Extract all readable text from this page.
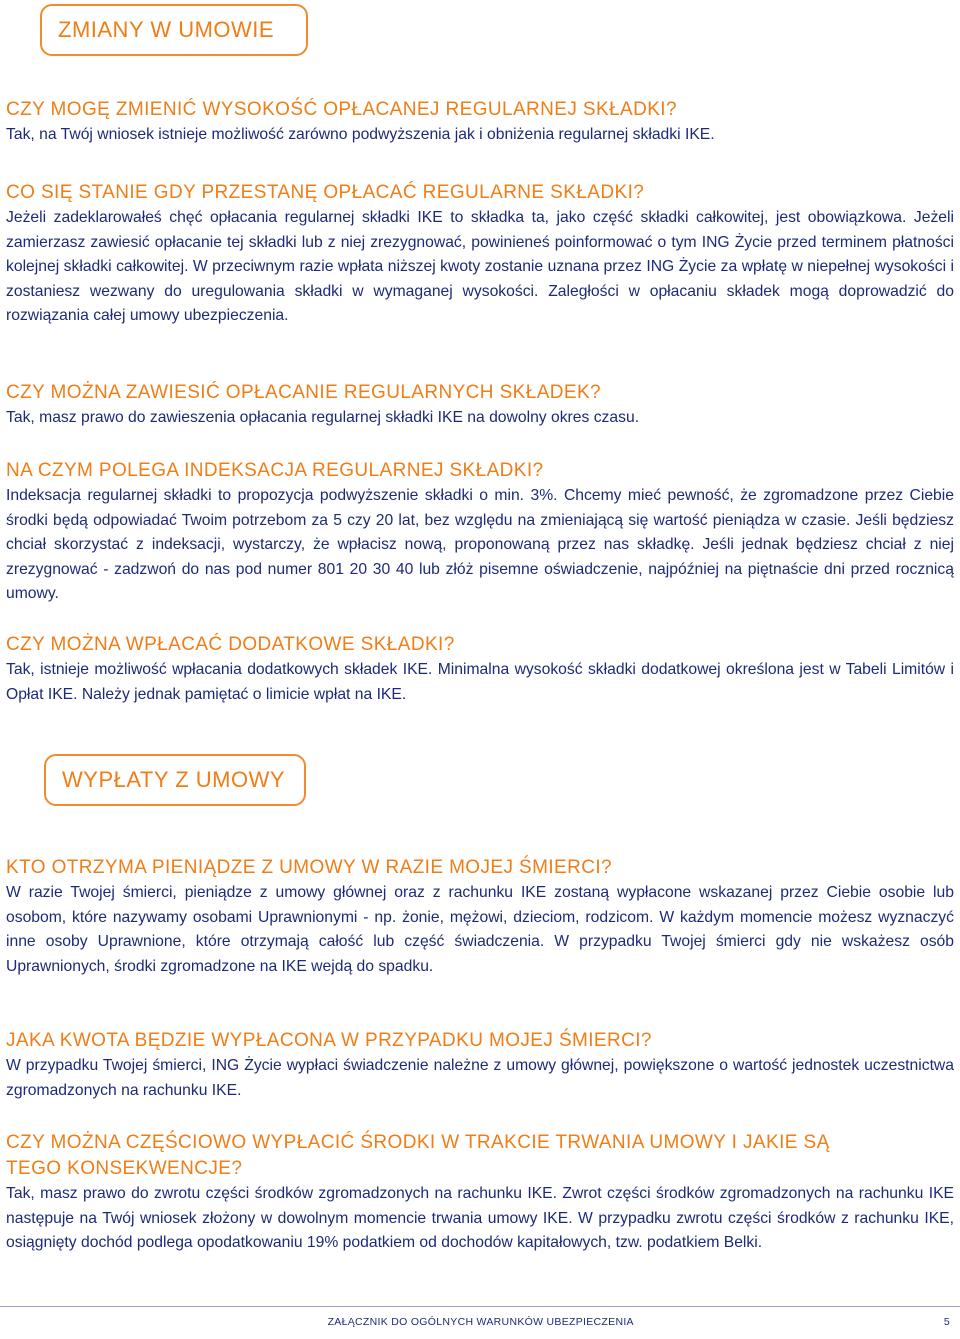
ZMIANY W UMOWIE
CZY MOGĘ ZMIENIĆ WYSOKOŚĆ OPŁACANEJ REGULARNEJ SKŁADKI?

Tak, na Twój wniosek istnieje możliwość zarówno podwyższenia jak i obniżenia regularnej składki IKE.

CO SIĘ STANIE GDY PRZESTANĘ OPŁACAĆ REGULARNE SKŁADKI?

Jeżeli zadeklarowałeś chęć opłacania regularnej składki IKE to składka ta, jako część składki całkowitej, jest obowiązkowa. Jeżeli zamierzasz zawiesić opłacanie tej składki lub z niej zrezygnować, powinieneś poinformować o tym ING Życie przed terminem płatności kolejnej składki całkowitej. W przeciwnym razie wpłata niższej kwoty zostanie uznana przez ING Życie za wpłatę w niepełnej wysokości i zostaniesz wezwany do uregulowania składki w wymaganej wysokości. Zaległości w opłacaniu składek mogą doprowadzić do rozwiązania całej umowy ubezpieczenia.

CZY MOŻNA ZAWIESIĆ OPŁACANIE REGULARNYCH SKŁADEK?

Tak, masz prawo do zawieszenia opłacania regularnej składki IKE na dowolny okres czasu.

NA CZYM POLEGA INDEKSACJA REGULARNEJ SKŁADKI?

Indeksacja regularnej składki to propozycja podwyższenie składki o min. 3%. Chcemy mieć pewność, że zgromadzone przez Ciebie środki będą odpowiadać Twoim potrzebom za 5 czy 20 lat, bez względu na zmieniającą się wartość pieniądza w czasie. Jeśli będziesz chciał skorzystać z indeksacji, wystarczy, że wpłacisz nową, proponowaną przez nas składkę. Jeśli jednak będziesz chciał z niej zrezygnować - zadzwoń do nas pod numer 801 20 30 40 lub złóż pisemne oświadczenie, najpóźniej na piętnaście dni przed rocznicą umowy.

CZY MOŻNA WPŁACAĆ DODATKOWE SKŁADKI?

Tak, istnieje możliwość wpłacania dodatkowych składek IKE. Minimalna wysokość składki dodatkowej określona jest w Tabeli Limitów i Opłat IKE. Należy jednak pamiętać o limicie wpłat na IKE.

WYPŁATY Z UMOWY
KTO OTRZYMA PIENIĄDZE Z UMOWY W RAZIE MOJEJ ŚMIERCI?

W razie Twojej śmierci, pieniądze z umowy głównej oraz z rachunku IKE zostaną wypłacone wskazanej przez Ciebie osobie lub osobom, które nazywamy osobami Uprawnionymi - np. żonie, mężowi, dzieciom, rodzicom. W każdym momencie możesz wyznaczyć inne osoby Uprawnione, które otrzymają całość lub część świadczenia. W przypadku Twojej śmierci gdy nie wskażesz osób Uprawnionych, środki zgromadzone na IKE wejdą do spadku.

JAKA KWOTA BĘDZIE WYPŁACONA W PRZYPADKU MOJEJ ŚMIERCI?

W przypadku Twojej śmierci, ING Życie wypłaci świadczenie należne z umowy głównej, powiększone o wartość jednostek uczestnictwa zgromadzonych na rachunku IKE.

CZY MOŻNA CZĘŚCIOWO WYPŁACIĆ ŚRODKI W TRAKCIE TRWANIA UMOWY I JAKIE SĄ TEGO KONSEKWENCJE?

Tak, masz prawo do zwrotu części środków zgromadzonych na rachunku IKE. Zwrot części środków zgromadzonych na rachunku IKE następuje na Twój wniosek złożony w dowolnym momencie trwania umowy IKE. W przypadku zwrotu części środków z rachunku IKE, osiągnięty dochód podlega opodatkowaniu 19% podatkiem od dochodów kapitałowych, tzw. podatkiem Belki.

ZAŁĄCZNIK DO OGÓLNYCH WARUNKÓW UBEZPIECZENIA	5
